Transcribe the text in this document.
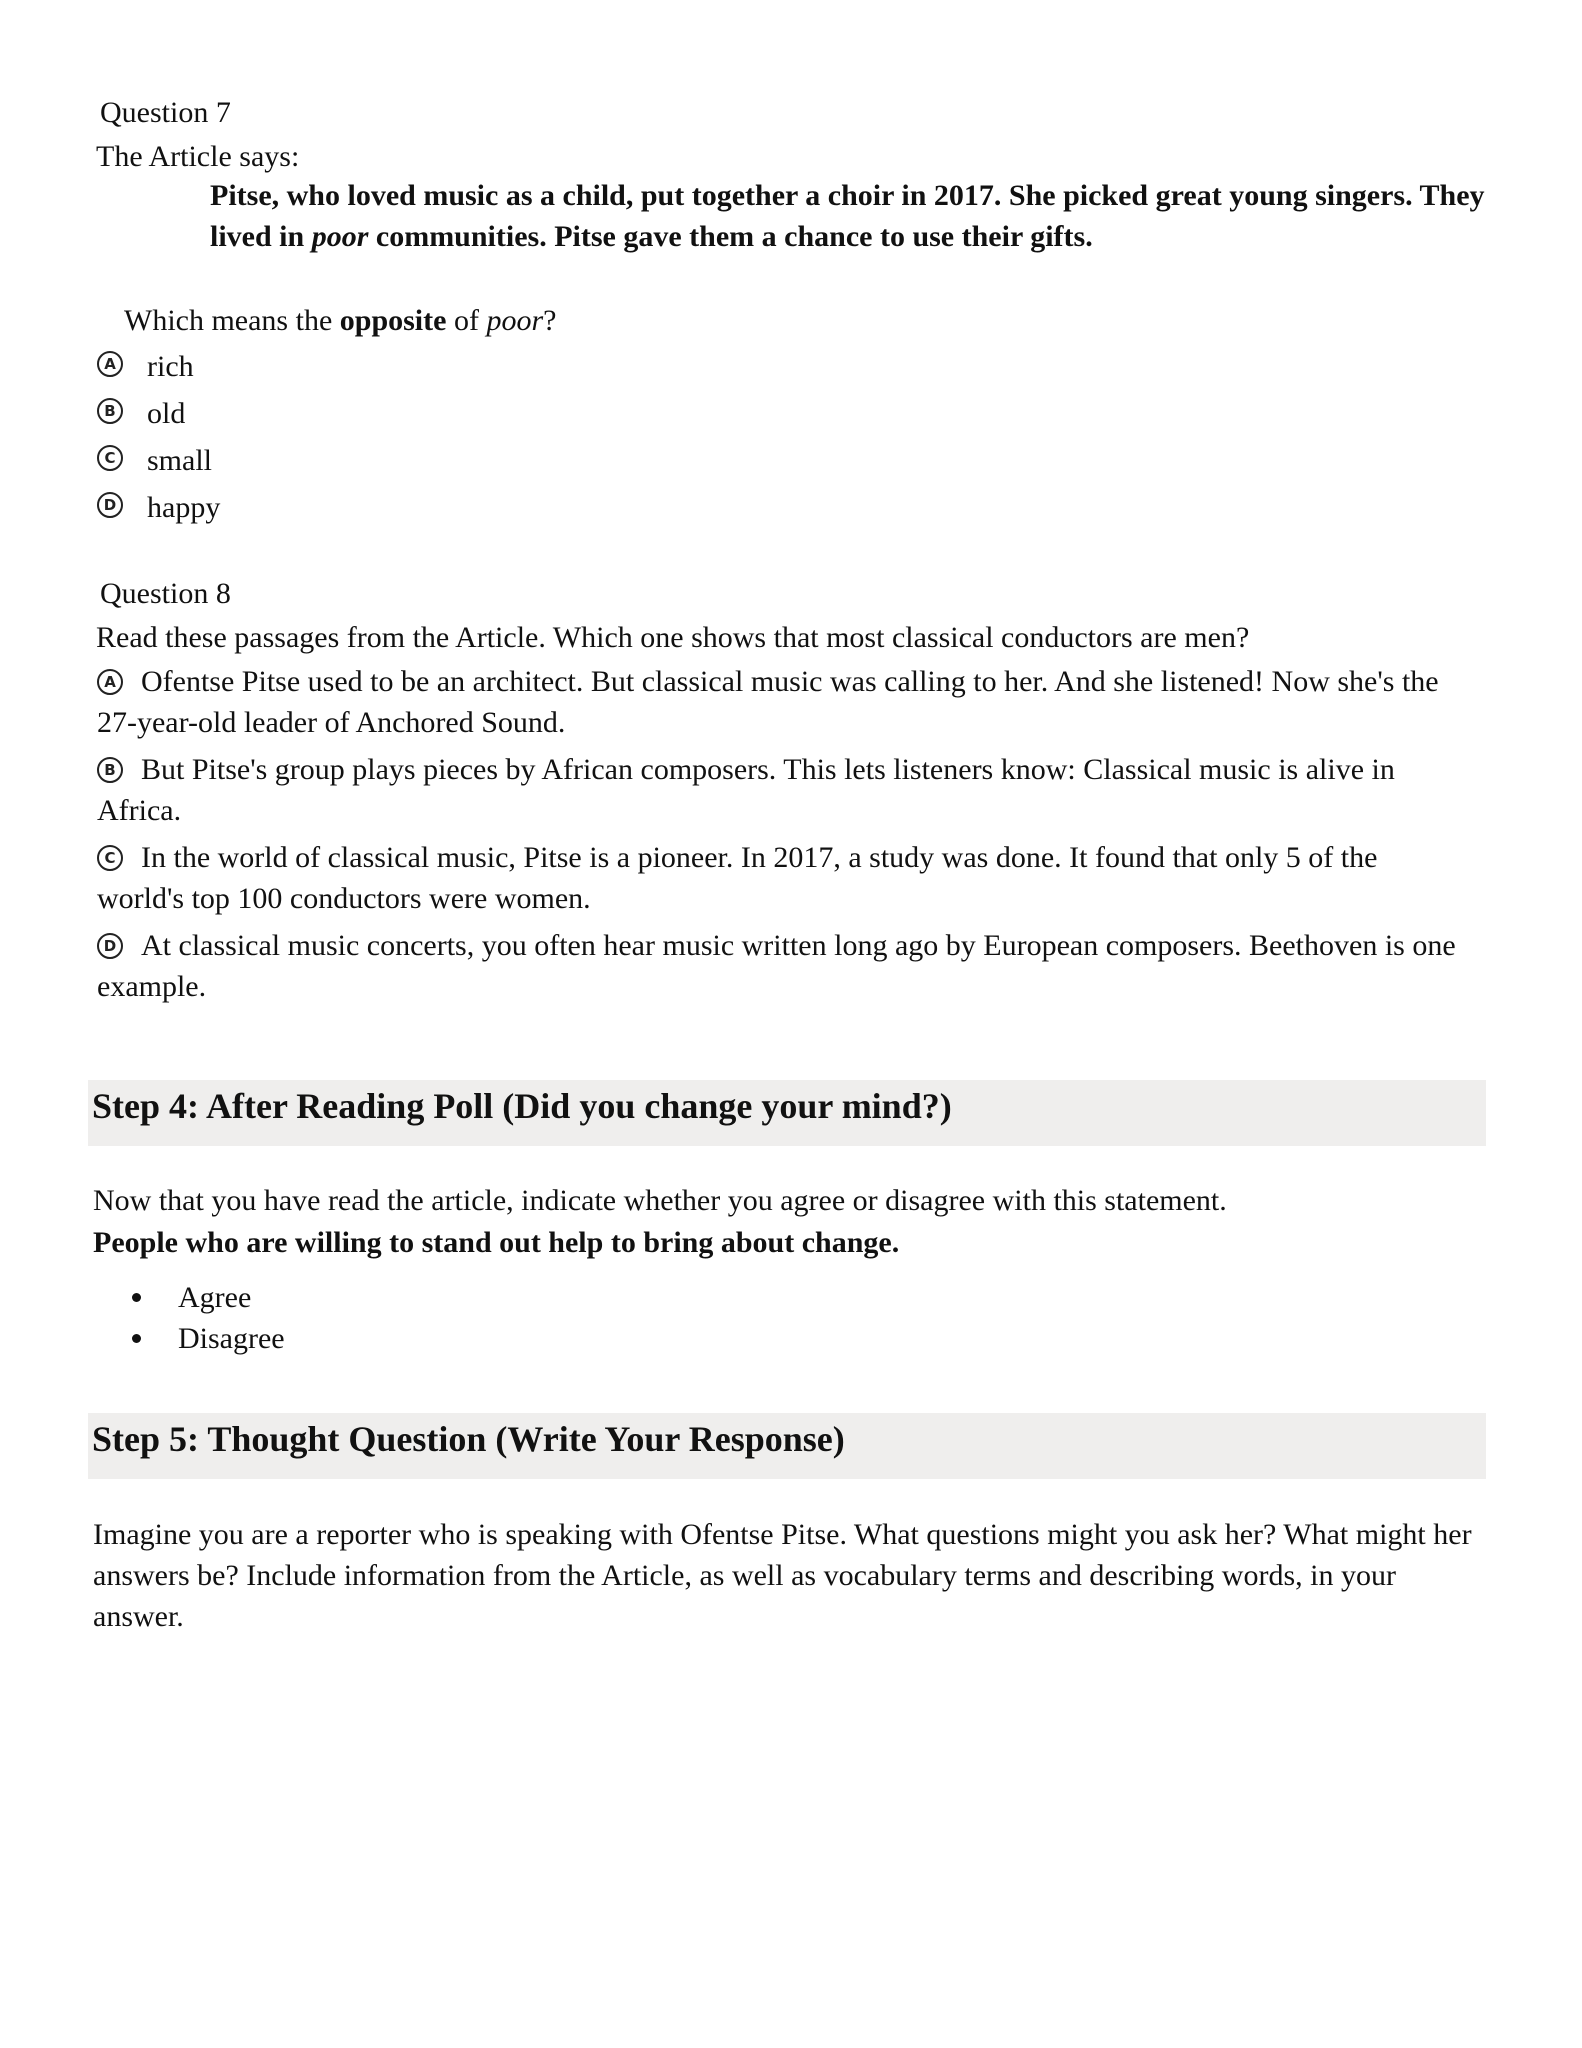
Question 7
The Article says:
Pitse, who loved music as a child, put together a choir in 2017. She picked great young singers. They lived in poor communities. Pitse gave them a chance to use their gifts.
Which means the opposite of poor?
A rich
B old
C small
D happy
Question 8
Read these passages from the Article. Which one shows that most classical conductors are men?
A Ofentse Pitse used to be an architect. But classical music was calling to her. And she listened! Now she's the 27-year-old leader of Anchored Sound.
B But Pitse's group plays pieces by African composers. This lets listeners know: Classical music is alive in Africa.
C In the world of classical music, Pitse is a pioneer. In 2017, a study was done. It found that only 5 of the world's top 100 conductors were women.
D At classical music concerts, you often hear music written long ago by European composers. Beethoven is one example.
Step 4: After Reading Poll (Did you change your mind?)
Now that you have read the article, indicate whether you agree or disagree with this statement.
People who are willing to stand out help to bring about change.
Agree
Disagree
Step 5: Thought Question (Write Your Response)
Imagine you are a reporter who is speaking with Ofentse Pitse. What questions might you ask her? What might her answers be? Include information from the Article, as well as vocabulary terms and describing words, in your answer.
